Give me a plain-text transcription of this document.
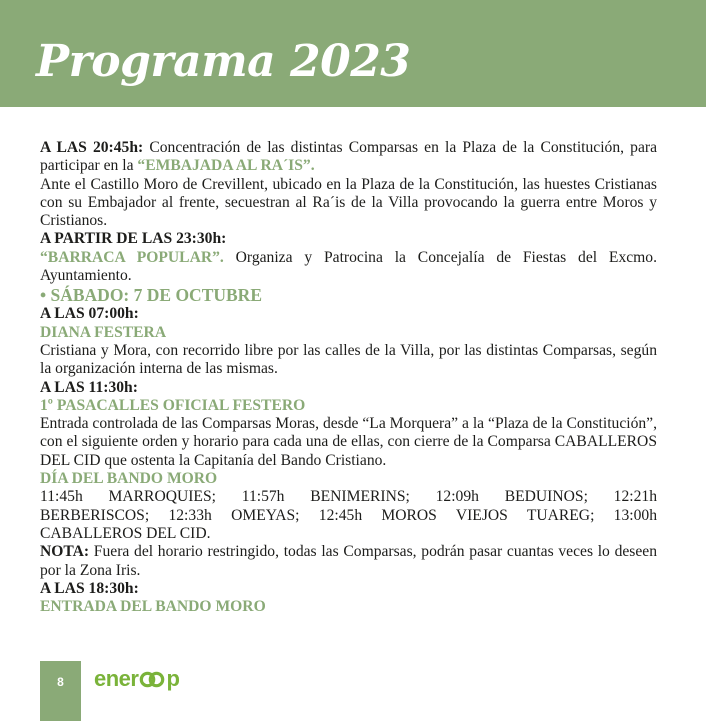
Programa 2023

A LAS 20:45h: Concentración de las distintas Comparsas en la Plaza de la Constitución, para participar en la “EMBAJADA AL RA´IS”.

Ante el Castillo Moro de Crevillent, ubicado en la Plaza de la Constitución, las huestes Cristianas con su Embajador al frente, secuestran al Ra´is de la Villa provocando la guerra entre Moros y Cristianos.

A PARTIR DE LAS 23:30h:

“BARRACA POPULAR”. Organiza y Patrocina la Concejalía de Fiestas del Excmo. Ayuntamiento.

• SÁBADO: 7 DE OCTUBRE

A LAS 07:00h:

DIANA FESTERA

Cristiana y Mora, con recorrido libre por las calles de la Villa, por las distintas Comparsas, según la organización interna de las mismas.

A LAS 11:30h:

1º PASACALLES OFICIAL FESTERO

Entrada controlada de las Comparsas Moras, desde “La Morquera” a la “Plaza de la Constitución”, con el siguiente orden y horario para cada una de ellas, con cierre de la Comparsa CABALLEROS DEL CID que ostenta la Capitanía del Bando Cristiano.

DÍA DEL BANDO MORO

11:45h MARROQUIES; 11:57h BENIMERINS; 12:09h BEDUINOS; 12:21h

BERBERISCOS; 12:33h OMEYAS; 12:45h MOROS VIEJOS TUAREG; 13:00h

CABALLEROS DEL CID.

NOTA: Fuera del horario restringido, todas las Comparsas, podrán pasar cuantas veces lo deseen por la Zona Iris.

A LAS 18:30h:

ENTRADA DEL BANDO MORO

8	ener p
